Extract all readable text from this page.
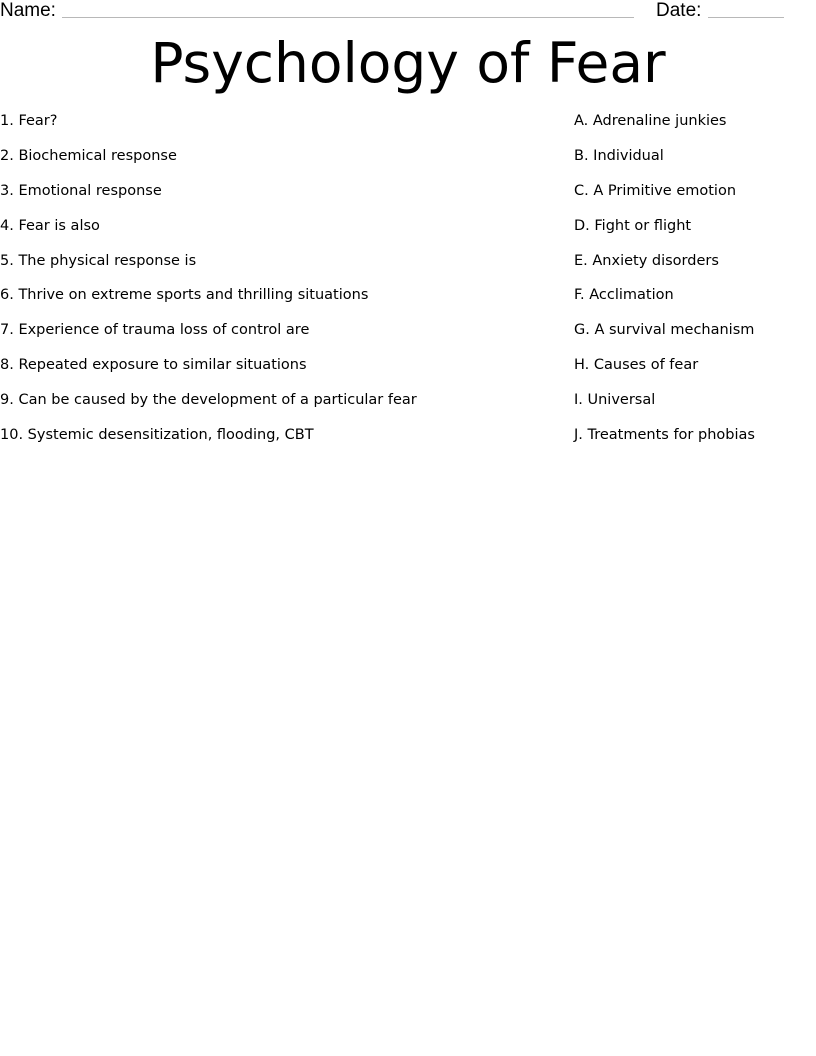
Name:	Date:
Psychology of Fear
1. Fear?
2. Biochemical response
3. Emotional response
4. Fear is also
5. The physical response is
6. Thrive on extreme sports and thrilling situations
7. Experience of trauma loss of control are
8. Repeated exposure to similar situations
9. Can be caused by the development of a particular fear
10. Systemic desensitization, flooding, CBT
A. Adrenaline junkies
B. Individual
C. A Primitive emotion
D. Fight or flight
E. Anxiety disorders
F. Acclimation
G. A survival mechanism
H. Causes of fear
I. Universal
J. Treatments for phobias
